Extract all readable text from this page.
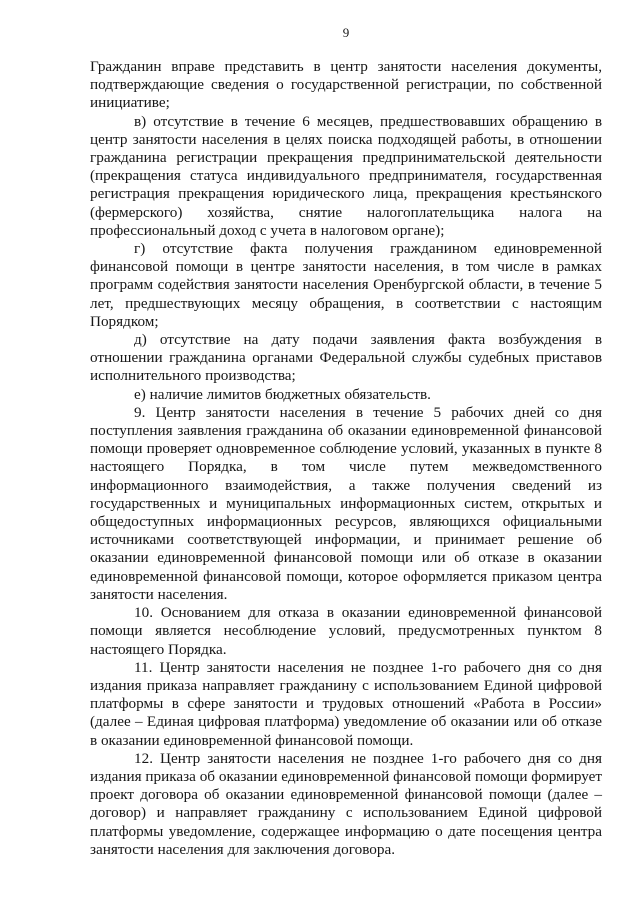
9

Гражданин вправе представить в центр занятости населения документы, подтверждающие сведения о государственной регистрации, по собственной инициативе;

в) отсутствие в течение 6 месяцев, предшествовавших обращению в центр занятости населения в целях поиска подходящей работы, в отношении гражданина регистрации прекращения предпринимательской деятельности (прекращения статуса индивидуального предпринимателя, государственная регистрация прекращения юридического лица, прекращения крестьянского (фермерского) хозяйства, снятие налогоплательщика налога на профессиональный доход с учета в налоговом органе);

г) отсутствие факта получения гражданином единовременной финансовой помощи в центре занятости населения, в том числе в рамках программ содействия занятости населения Оренбургской области, в течение 5 лет, предшествующих месяцу обращения, в соответствии с настоящим Порядком;

д) отсутствие на дату подачи заявления факта возбуждения в отношении гражданина органами Федеральной службы судебных приставов исполнительного производства;

е) наличие лимитов бюджетных обязательств.

9. Центр занятости населения в течение 5 рабочих дней со дня поступления заявления гражданина об оказании единовременной финансовой помощи проверяет одновременное соблюдение условий, указанных в пункте 8 настоящего Порядка, в том числе путем межведомственного информационного взаимодействия, а также получения сведений из государственных и муниципальных информационных систем, открытых и общедоступных информационных ресурсов, являющихся официальными источниками соответствующей информации, и принимает решение об оказании единовременной финансовой помощи или об отказе в оказании единовременной финансовой помощи, которое оформляется приказом центра занятости населения.

10. Основанием для отказа в оказании единовременной финансовой помощи является несоблюдение условий, предусмотренных пунктом 8 настоящего Порядка.

11. Центр занятости населения не позднее 1-го рабочего дня со дня издания приказа направляет гражданину с использованием Единой цифровой платформы в сфере занятости и трудовых отношений «Работа в России» (далее – Единая цифровая платформа) уведомление об оказании или об отказе в оказании единовременной финансовой помощи.

12. Центр занятости населения не позднее 1-го рабочего дня со дня издания приказа об оказании единовременной финансовой помощи формирует проект договора об оказании единовременной финансовой помощи (далее – договор) и направляет гражданину с использованием Единой цифровой платформы уведомление, содержащее информацию о дате посещения центра занятости населения для заключения договора.
